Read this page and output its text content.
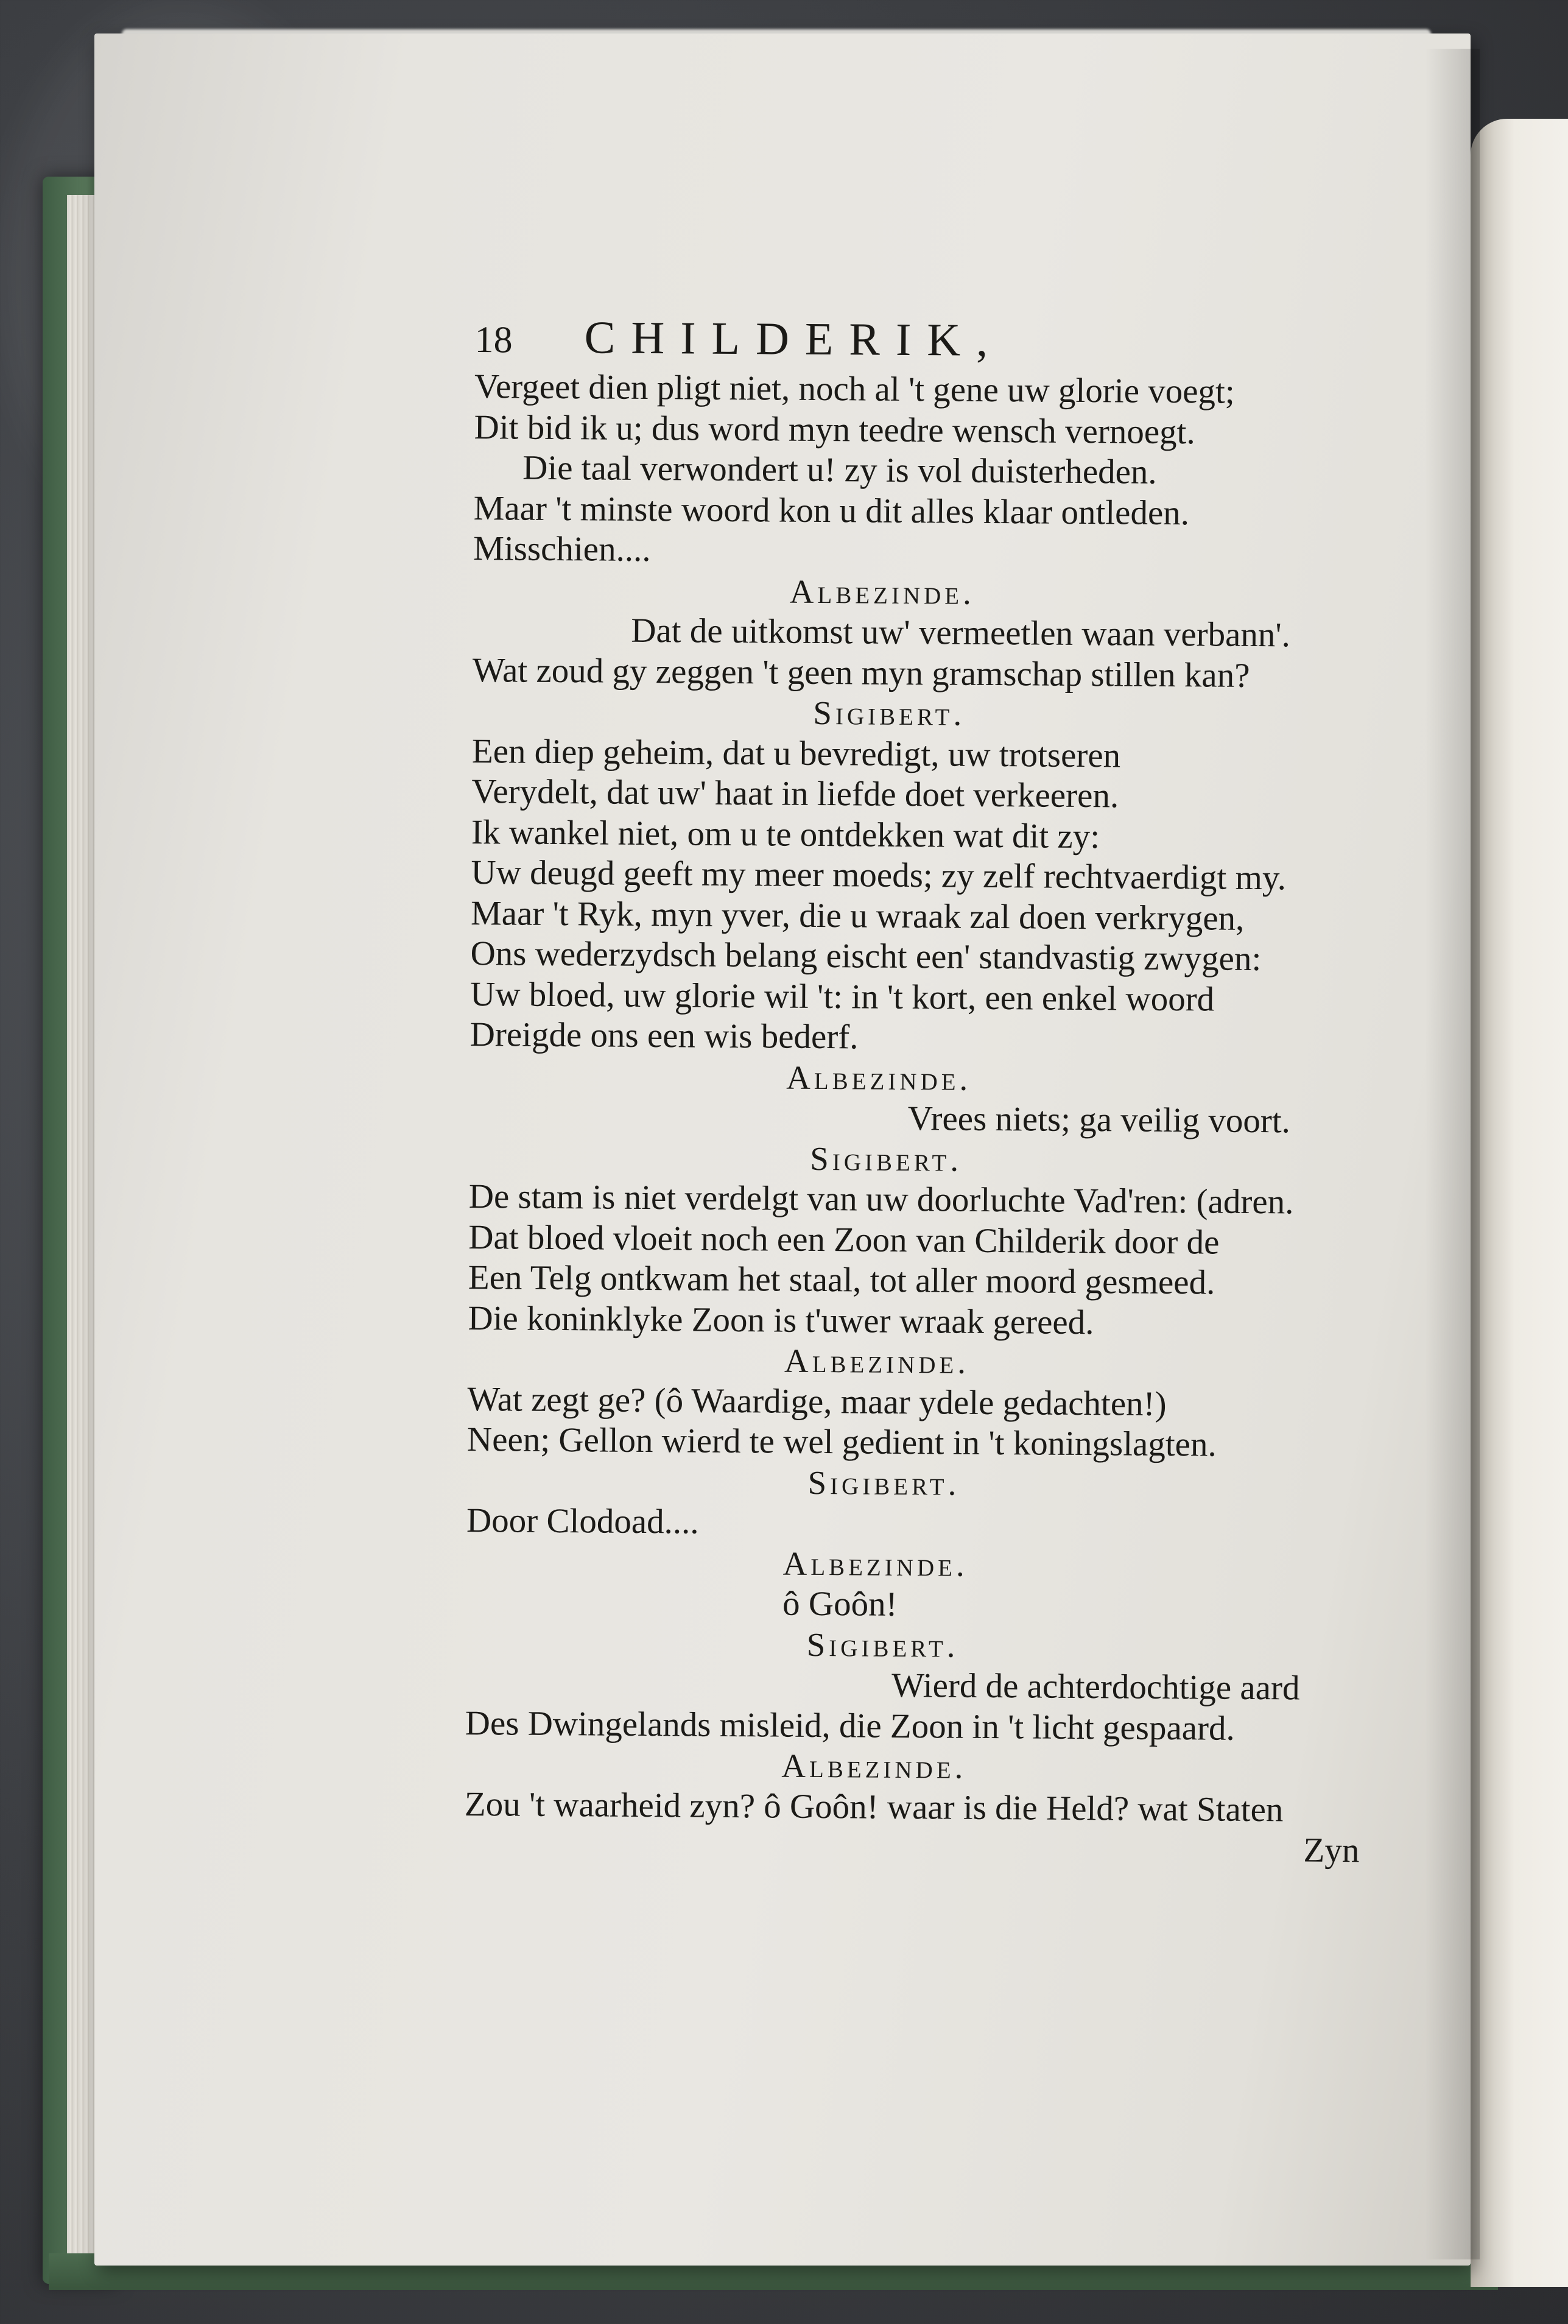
18	CHILDERIK,
Vergeet dien pligt niet, noch al 't gene uw glorie voegt;
Dit bid ik u; dus word myn teedre wensch vernoegt.
Die taal verwondert u! zy is vol duisterheden.
Maar 't minste woord kon u dit alles klaar ontleden.
Misschien....
Albezinde.
Dat de uitkomst uw' vermeetlen waan verbann'.
Wat zoud gy zeggen 't geen myn gramschap stillen kan?
Sigibert.
Een diep geheim, dat u bevredigt, uw trotseren
Verydelt, dat uw' haat in liefde doet verkeeren.
Ik wankel niet, om u te ontdekken wat dit zy:
Uw deugd geeft my meer moeds; zy zelf rechtvaerdigt my.
Maar 't Ryk, myn yver, die u wraak zal doen verkrygen,
Ons wederzydsch belang eischt een' standvastig zwygen:
Uw bloed, uw glorie wil 't: in 't kort, een enkel woord
Dreigde ons een wis bederf.
Albezinde.
Vrees niets; ga veilig voort.
Sigibert.
De stam is niet verdelgt van uw doorluchte Vad'ren: (adren.
Dat bloed vloeit noch een Zoon van Childerik door de
Een Telg ontkwam het staal, tot aller moord gesmeed.
Die koninklyke Zoon is t'uwer wraak gereed.
Albezinde.
Wat zegt ge? (ô Waardige, maar ydele gedachten!)
Neen; Gellon wierd te wel gedient in 't koningslagten.
Sigibert.
Door Clodoad....
Albezinde.
ô Goôn!
Sigibert.
Wierd de achterdochtige aard
Des Dwingelands misleid, die Zoon in 't licht gespaard.
Albezinde.
Zou 't waarheid zyn? ô Goôn! waar is die Held? wat Staten
Zyn
